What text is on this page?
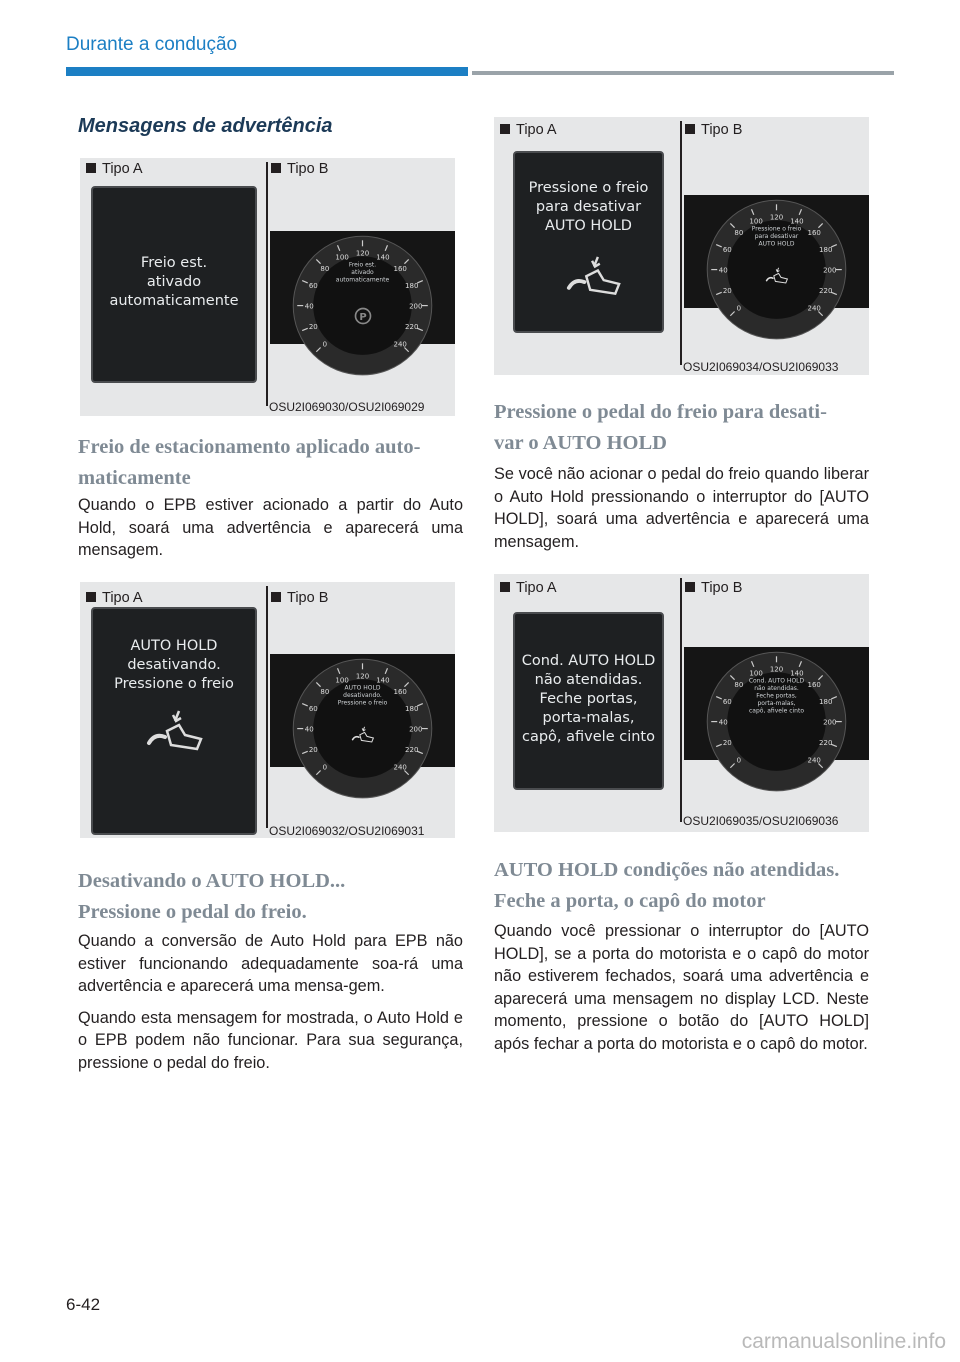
Durante a condução
Mensagens de advertência
Tipo A	Tipo B
Freio est.
ativado
automaticamente
0
20
40
60
80
100
120
140
160
180
200
220
240
Freio est.
ativado
automaticamente
P
OSU2I069030/OSU2I069029
Tipo A	Tipo B
AUTO HOLD
desativando.
Pressione o freio
0
20
40
60
80
100
120
140
160
180
200
220
240
AUTO HOLD
desativando.
Pressione o freio
OSU2I069032/OSU2I069031
Tipo A	Tipo B
Pressione o freio
para desativar
AUTO HOLD
0
20
40
60
80
100
120
140
160
180
200
220
240
Pressione o freio
para desativar
AUTO HOLD
OSU2I069034/OSU2I069033
Tipo A	Tipo B
Cond. AUTO HOLD
não atendidas.
Feche portas,
porta-malas,
capô, afivele cinto
0
20
40
60
80
100
120
140
160
180
200
220
240
Cond. AUTO HOLD
não atendidas.
Feche portas,
porta-malas,
capô, afivele cinto
OSU2I069035/OSU2I069036
Freio de estacionamento aplicado auto-
maticamente

Quando o EPB estiver acionado a partir do Auto Hold, soará uma advertência e aparecerá uma mensagem.

Desativando o AUTO HOLD...
Pressione o pedal do freio.

Quando a conversão de Auto Hold para EPB não estiver funcionando adequadamente soa-rá uma advertência e aparecerá uma mensa-gem.

Quando esta mensagem for mostrada, o Auto Hold e o EPB podem não funcionar. Para sua segurança, pressione o pedal do freio.

Pressione o pedal do freio para desati-
var o AUTO HOLD

Se você não acionar o pedal do freio quando liberar o Auto Hold pressionando o interruptor do [AUTO HOLD], soará uma advertência e aparecerá uma mensagem.

AUTO HOLD condições não atendidas.
Feche a porta, o capô do motor

Quando você pressionar o interruptor do [AUTO HOLD], se a porta do motorista e o capô do motor não estiverem fechados, soará uma advertência e aparecerá uma mensagem no display LCD. Neste momento, pressione o botão do [AUTO HOLD] após fechar a porta do motorista e o capô do motor.

6-42
carmanualsonline.info
